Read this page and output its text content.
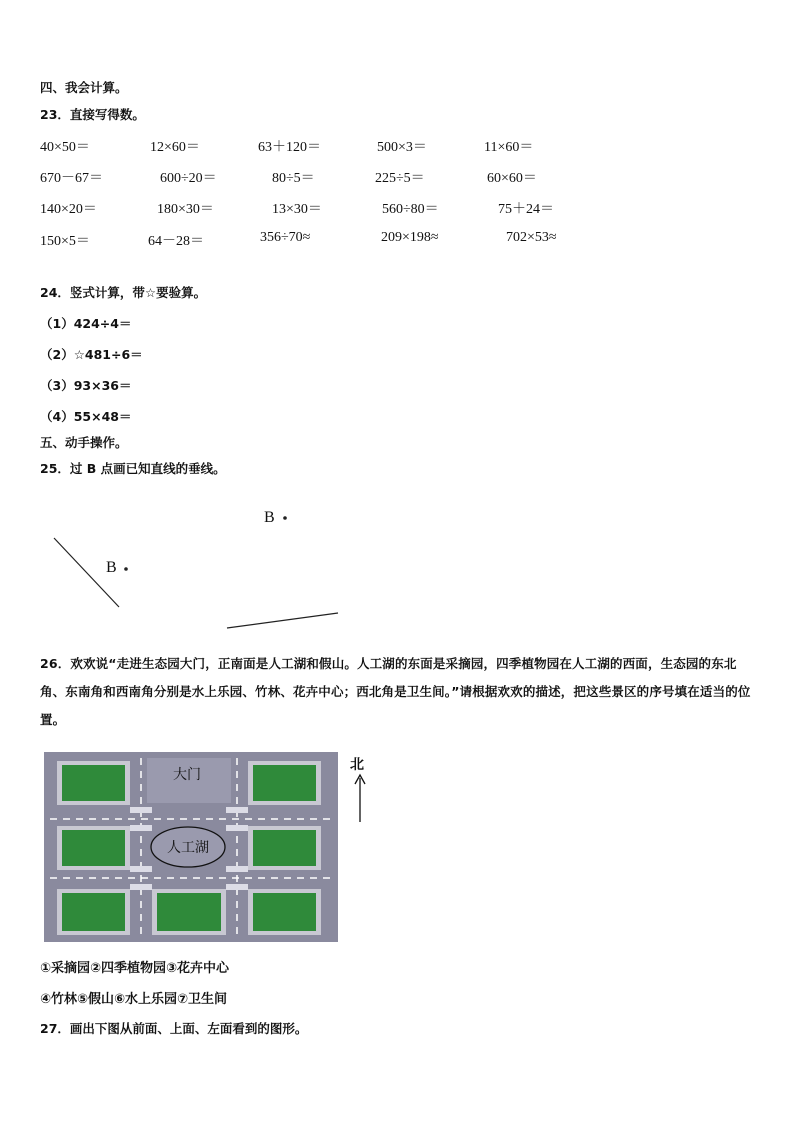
四、我会计算。
23．直接写得数。
40×50＝	12×60＝	63＋120＝	500×3＝	11×60＝
670－67＝	600÷20＝	80÷5＝	225÷5＝	60×60＝
140×20＝	180×30＝	13×30＝	560÷80＝	75＋24＝
150×5＝	64－28＝	356÷70≈	209×198≈	702×53≈
24．竖式计算，带☆要验算。
（1）424÷4＝
（2）☆481÷6＝
（3）93×36＝
（4）55×48＝
五、动手操作。
25．过 B 点画已知直线的垂线。
B
B
26．欢欢说“走进生态园大门，正南面是人工湖和假山。人工湖的东面是采摘园，四季植物园在人工湖的西面，生态园的东北角、东南角和西南角分别是水上乐园、竹林、花卉中心；西北角是卫生间。”请根据欢欢的描述，把这些景区的序号填在适当的位置。
大门
人工湖
北
①采摘园②四季植物园③花卉中心
④竹林⑤假山⑥水上乐园⑦卫生间
27．画出下图从前面、上面、左面看到的图形。
